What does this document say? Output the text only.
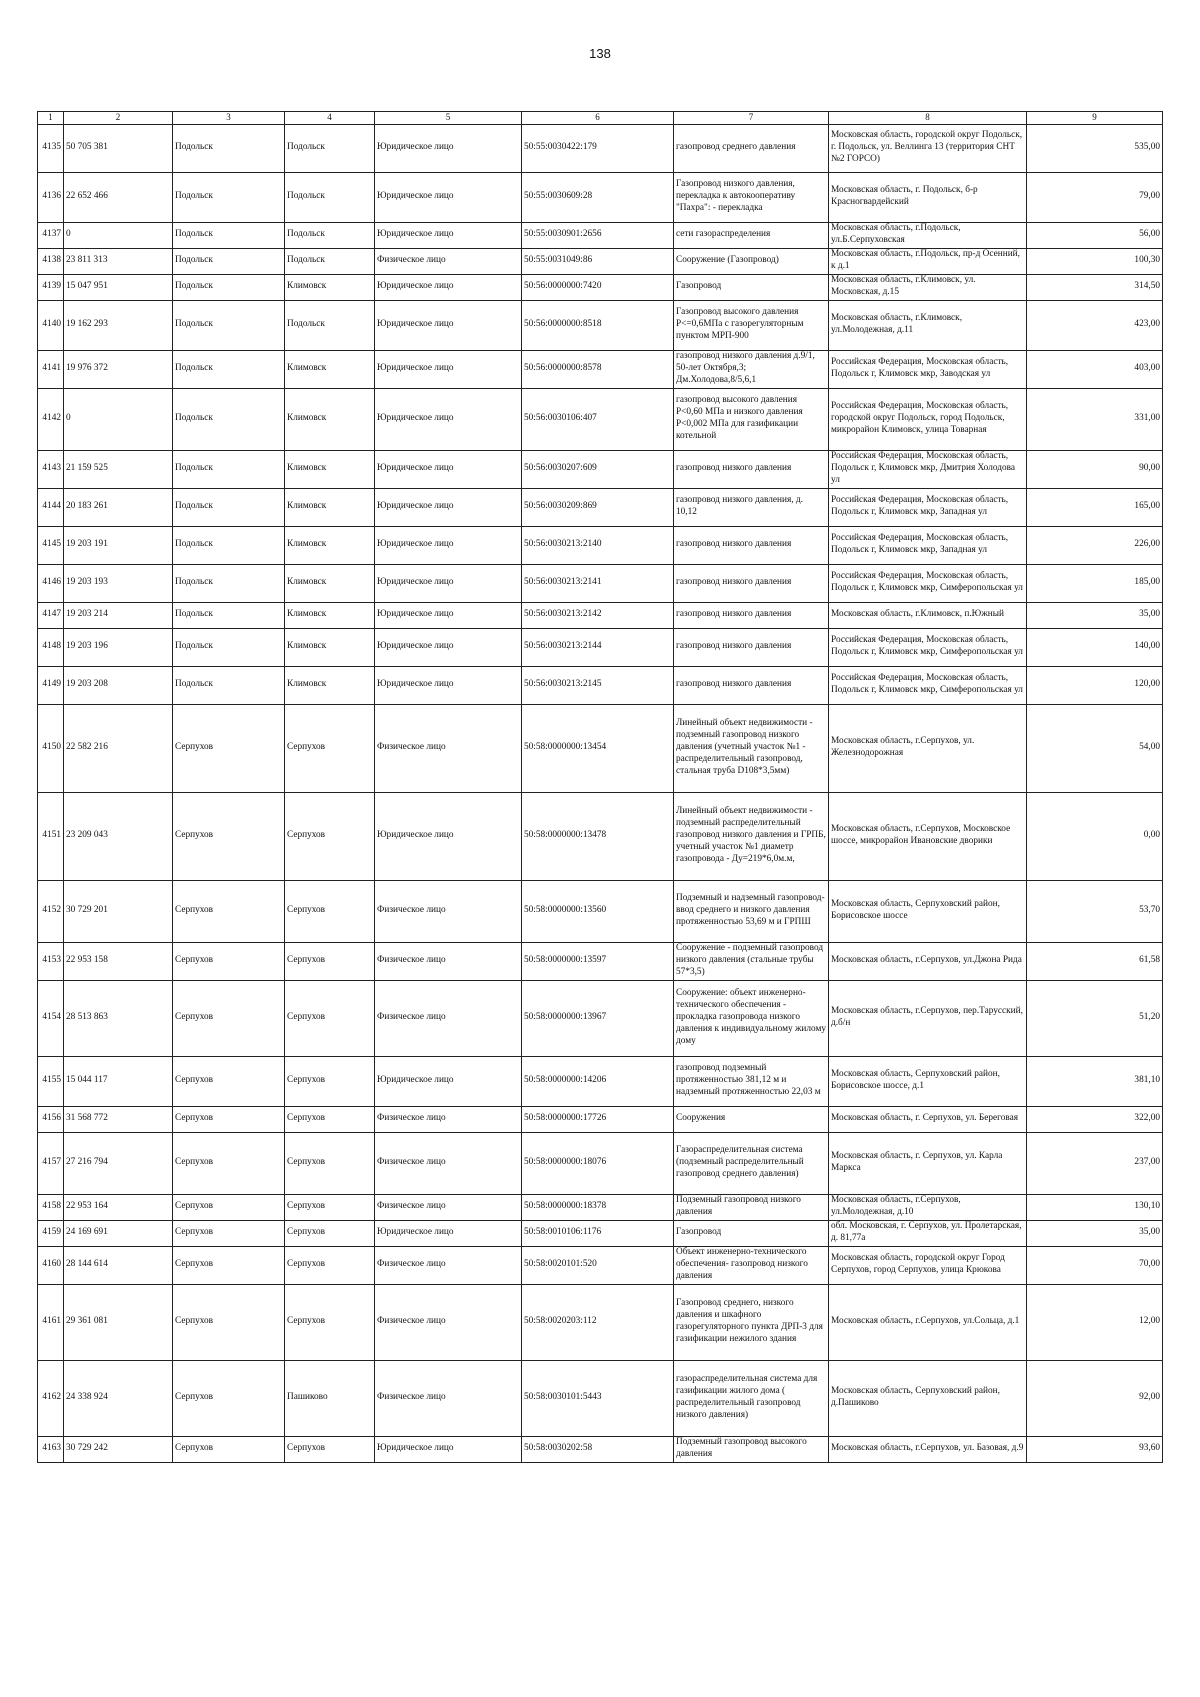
138
1	2	3	4	5	6	7	8	9
4135	50 705 381	Подольск	Подольск	Юридическое лицо	50:55:0030422:179	газопровод среднего давления	Московская область, городской округ Подольск, г. Подольск, ул. Веллинга 13 (территория СНТ №2 ГОРСО)	535,00
4136	22 652 466	Подольск	Подольск	Юридическое лицо	50:55:0030609:28	Газопровод низкого давления, перекладка к автокооперативу "Пахра": - перекладка	Московская область, г. Подольск, б-р Красногвардейский	79,00
4137	0	Подольск	Подольск	Юридическое лицо	50:55:0030901:2656	сети газораспределения	Московская область, г.Подольск, ул.Б.Серпуховская	56,00
4138	23 811 313	Подольск	Подольск	Физическое лицо	50:55:0031049:86	Сооружение (Газопровод)	Московская область, г.Подольск, пр-д Осенний, к д.1	100,30
4139	15 047 951	Подольск	Климовск	Юридическое лицо	50:56:0000000:7420	Газопровод	Московская область, г.Климовск, ул. Московская, д.15	314,50
4140	19 162 293	Подольск	Подольск	Юридическое лицо	50:56:0000000:8518	Газопровод высокого давления P<=0,6МПа с газорегуляторным пунктом МРП-900	Московская область, г.Климовск, ул.Молодежная, д.11	423,00
4141	19 976 372	Подольск	Климовск	Юридическое лицо	50:56:0000000:8578	газопровод низкого давления д.9/1, 50-лет Октября,3; Дм.Холодова,8/5,6,1	Российская Федерация, Московская область, Подольск г, Климовск мкр, Заводская ул	403,00
4142	0	Подольск	Климовск	Юридическое лицо	50:56:0030106:407	газопровод высокого давления P<0,60 МПа и низкого давления P<0,002 МПа для газификации котельной	Российская Федерация, Московская область, городской округ Подольск, город Подольск, микрорайон Климовск, улица Товарная	331,00
4143	21 159 525	Подольск	Климовск	Юридическое лицо	50:56:0030207:609	газопровод низкого давления	Российская Федерация, Московская область, Подольск г, Климовск мкр, Дмитрия Холодова ул	90,00
4144	20 183 261	Подольск	Климовск	Юридическое лицо	50:56:0030209:869	газопровод низкого давления, д. 10,12	Российская Федерация, Московская область, Подольск г, Климовск мкр, Западная ул	165,00
4145	19 203 191	Подольск	Климовск	Юридическое лицо	50:56:0030213:2140	газопровод низкого давления	Российская Федерация, Московская область, Подольск г, Климовск мкр, Западная ул	226,00
4146	19 203 193	Подольск	Климовск	Юридическое лицо	50:56:0030213:2141	газопровод низкого давления	Российская Федерация, Московская область, Подольск г, Климовск мкр, Симферопольская ул	185,00
4147	19 203 214	Подольск	Климовск	Юридическое лицо	50:56:0030213:2142	газопровод низкого давления	Московская область, г.Климовск, п.Южный	35,00
4148	19 203 196	Подольск	Климовск	Юридическое лицо	50:56:0030213:2144	газопровод низкого давления	Российская Федерация, Московская область, Подольск г, Климовск мкр, Симферопольская ул	140,00
4149	19 203 208	Подольск	Климовск	Юридическое лицо	50:56:0030213:2145	газопровод низкого давления	Российская Федерация, Московская область, Подольск г, Климовск мкр, Симферопольская ул	120,00
4150	22 582 216	Серпухов	Серпухов	Физическое лицо	50:58:0000000:13454	Линейный объект недвижимости - подземный газопровод низкого давления (учетный участок №1 - распределительный газопровод, стальная труба D108*3,5мм)	Московская область, г.Серпухов, ул. Железнодорожная	54,00
4151	23 209 043	Серпухов	Серпухов	Юридическое лицо	50:58:0000000:13478	Линейный объект недвижимости - подземный распределительный газопровод низкого давления и ГРПБ, учетный участок №1 диаметр газопровода - Ду=219*6,0м.м,	Московская область, г.Серпухов, Московское шоссе, микрорайон Ивановские дворики	0,00
4152	30 729 201	Серпухов	Серпухов	Физическое лицо	50:58:0000000:13560	Подземный и надземный газопровод-ввод среднего и низкого давления протяженностью 53,69 м и ГРПШ	Московская область, Серпуховский район, Борисовское шоссе	53,70
4153	22 953 158	Серпухов	Серпухов	Физическое лицо	50:58:0000000:13597	Сооружение - подземный газопровод низкого давления (стальные трубы 57*3,5)	Московская область, г.Серпухов, ул.Джона Рида	61,58
4154	28 513 863	Серпухов	Серпухов	Физическое лицо	50:58:0000000:13967	Сооружение: объект инженерно-технического обеспечения - прокладка газопровода низкого давления к индивидуальному жилому дому	Московская область, г.Серпухов, пер.Тарусский, д.б/н	51,20
4155	15 044 117	Серпухов	Серпухов	Юридическое лицо	50:58:0000000:14206	газопровод подземный протяженностью 381,12 м и надземный протяженностью 22,03 м	Московская область, Серпуховский район, Борисовское шоссе, д.1	381,10
4156	31 568 772	Серпухов	Серпухов	Физическое лицо	50:58:0000000:17726	Сооружения	Московская область, г. Серпухов, ул. Береговая	322,00
4157	27 216 794	Серпухов	Серпухов	Физическое лицо	50:58:0000000:18076	Газораспределительная система (подземный распределительный газопровод среднего давления)	Московская область, г. Серпухов, ул. Карла Маркса	237,00
4158	22 953 164	Серпухов	Серпухов	Физическое лицо	50:58:0000000:18378	Подземный газопровод низкого давления	Московская область, г.Серпухов, ул.Молодежная, д.10	130,10
4159	24 169 691	Серпухов	Серпухов	Юридическое лицо	50:58:0010106:1176	Газопровод	обл. Московская, г. Серпухов, ул. Пролетарская, д. 81,77а	35,00
4160	28 144 614	Серпухов	Серпухов	Физическое лицо	50:58:0020101:520	Объект инженерно-технического обеспечения- газопровод низкого давления	Московская область, городской округ Город Серпухов, город Серпухов, улица Крюкова	70,00
4161	29 361 081	Серпухов	Серпухов	Физическое лицо	50:58:0020203:112	Газопровод среднего, низкого давления и шкафного газорегуляторного пункта ДРП-3 для газификации нежилого здания	Московская область, г.Серпухов, ул.Сольца, д.1	12,00
4162	24 338 924	Серпухов	Пашиково	Физическое лицо	50:58:0030101:5443	газораспределительная система для газификации жилого дома ( распределительный газопровод низкого давления)	Московская область, Серпуховский район, д.Пашиково	92,00
4163	30 729 242	Серпухов	Серпухов	Юридическое лицо	50:58:0030202:58	Подземный газопровод высокого давления	Московская область, г.Серпухов, ул. Базовая, д.9	93,60
